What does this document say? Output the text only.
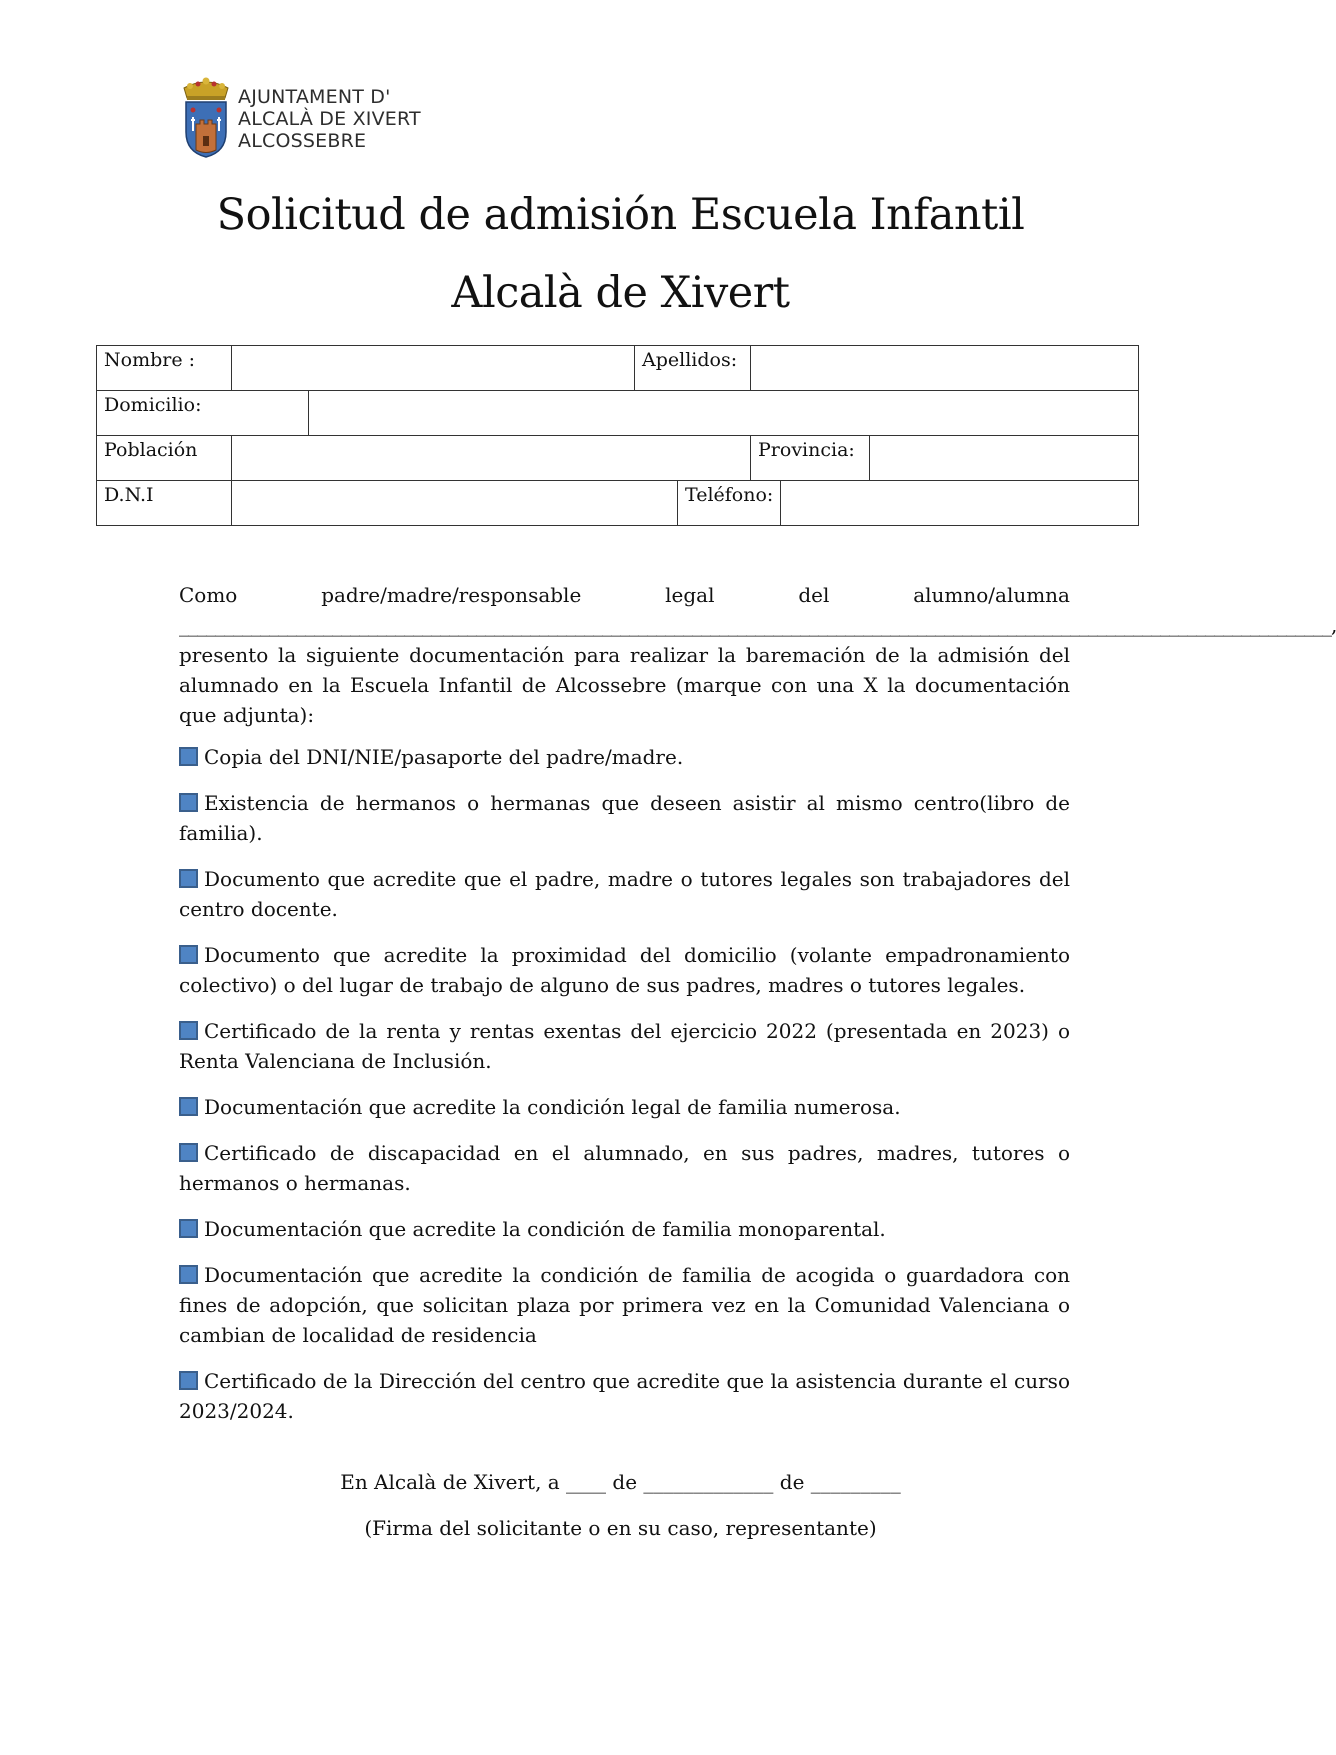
AJUNTAMENT D'
ALCALÀ DE XIVERT
ALCOSSEBRE
Solicitud de admisión Escuela Infantil
Alcalà de Xivert
Nombre :			Apellidos:				
Domicilio:							
Población					Provincia:		
D.N.I				Teléfono:			
Como	padre/madre/responsable	legal	del	alumno/alumna
________________________________________________________________________________________________________________________________,
presento la siguiente documentación para realizar la baremación de la admisión del alumnado en la Escuela Infantil de Alcossebre (marque con una X la documentación que adjunta):
Copia del DNI/NIE/pasaporte del padre/madre.
Existencia de hermanos o hermanas que deseen asistir al mismo centro(libro de familia).
Documento que acredite que el padre, madre o tutores legales son trabajadores del centro docente.
Documento que acredite la proximidad del domicilio (volante empadronamiento colectivo) o del lugar de trabajo de alguno de sus padres, madres o tutores legales.
Certificado de la renta y rentas exentas del ejercicio 2022 (presentada en 2023) o Renta Valenciana de Inclusión.
Documentación que acredite la condición legal de familia numerosa.
Certificado de discapacidad en el alumnado, en sus padres, madres, tutores o hermanos o hermanas.
Documentación que acredite la condición de familia monoparental.
Documentación que acredite la condición de familia de acogida o guardadora con fines de adopción, que solicitan plaza por primera vez en la Comunidad Valenciana o cambian de localidad de residencia
Certificado de la Dirección del centro que acredite que la asistencia durante el curso 2023/2024.
En Alcalà de Xivert, a ____ de _____________ de _________
(Firma del solicitante o en su caso, representante)
